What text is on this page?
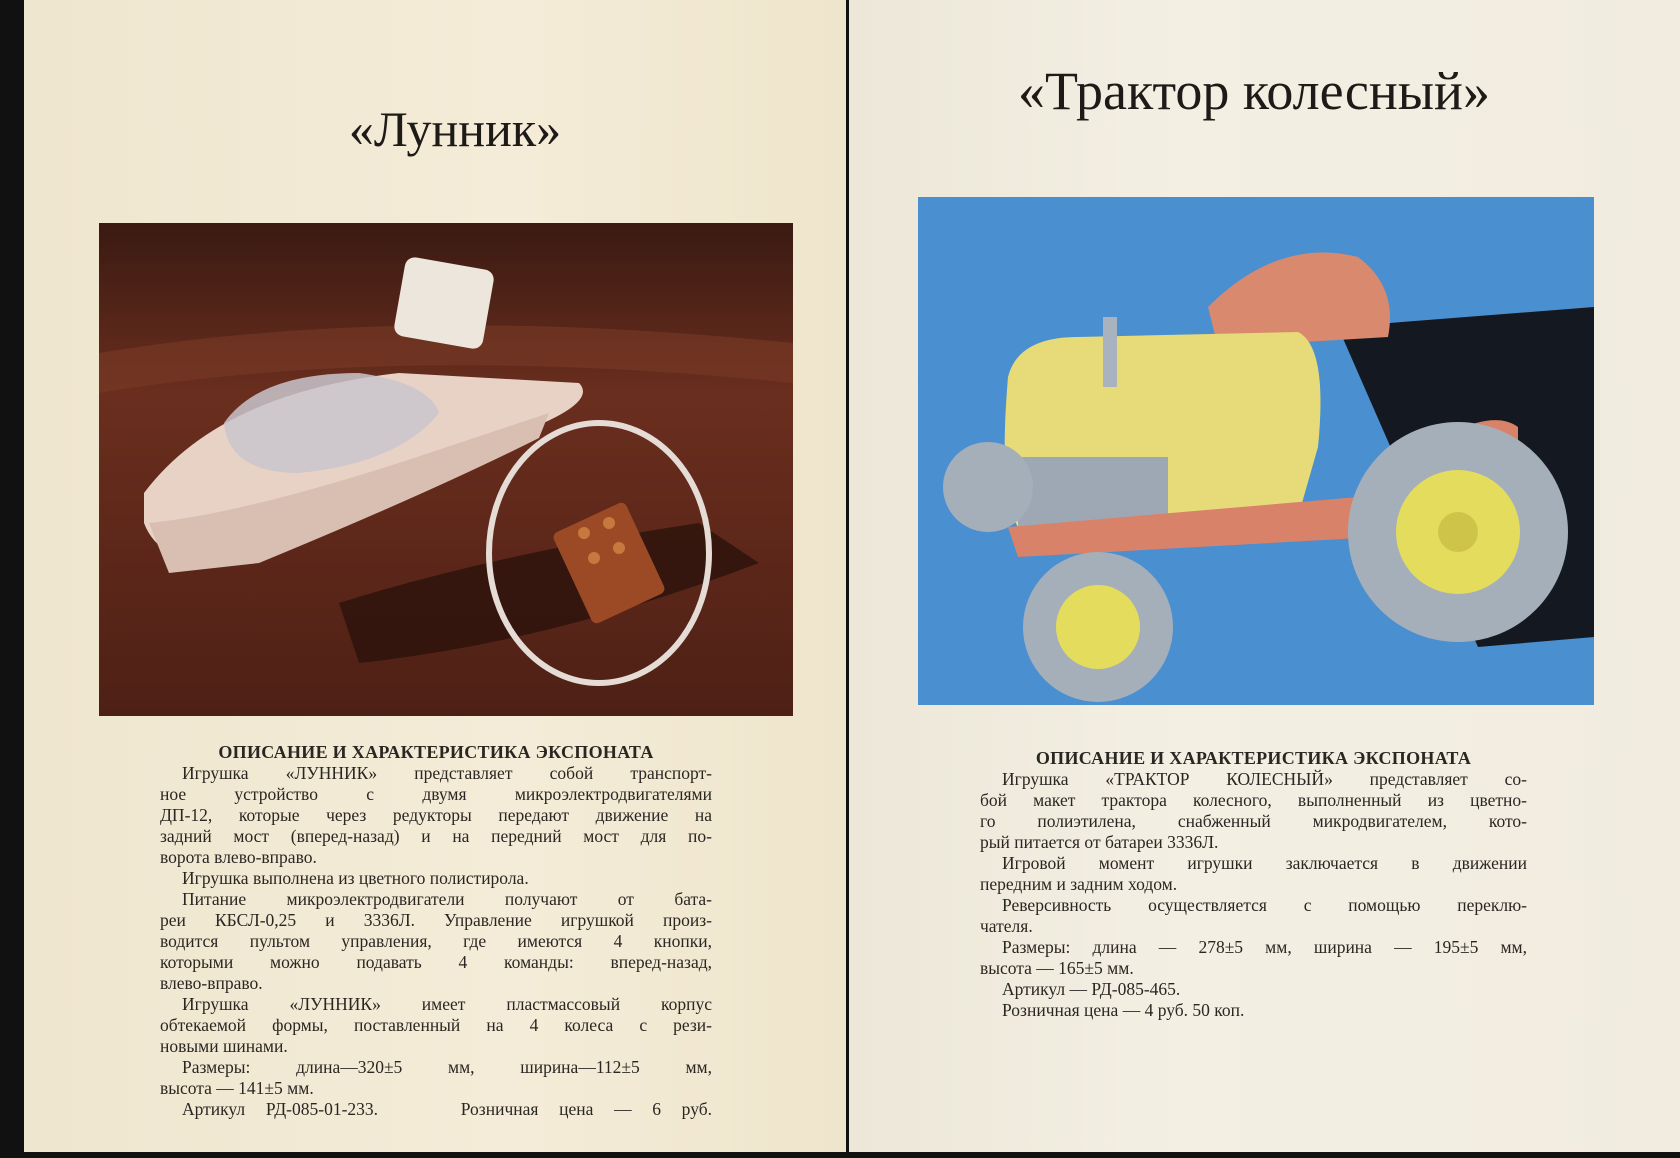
«Лунник»
ОПИСАНИЕ И ХАРАКТЕРИСТИКА ЭКСПОНАТА
Игрушка «ЛУННИК» представляет собой транспорт-
ное устройство с двумя микроэлектродвигателями
ДП-12, которые через редукторы передают движение на
задний мост (вперед-назад) и на передний мост для по-
ворота влево-вправо.
Игрушка выполнена из цветного полистирола.
Питание микроэлектродвигатели получают от бата-
реи КБСЛ-0,25 и 3336Л. Управление игрушкой произ-
водится пультом управления, где имеются 4 кнопки,
которыми можно подавать 4 команды: вперед-назад,
влево-вправо.
Игрушка «ЛУННИК» имеет пластмассовый корпус
обтекаемой формы, поставленный на 4 колеса с рези-
новыми шинами.
Размеры: длина—320±5 мм, ширина—112±5 мм,
высота — 141±5 мм.
Артикул РД-085-01-233.    Розничная цена — 6 руб.
«Трактор колесный»
ОПИСАНИЕ И ХАРАКТЕРИСТИКА ЭКСПОНАТА
Игрушка «ТРАКТОР КОЛЕСНЫЙ» представляет со-
бой макет трактора колесного, выполненный из цветно-
го полиэтилена, снабженный микродвигателем, кото-
рый питается от батареи 3336Л.
Игровой момент игрушки заключается в движении
передним и задним ходом.
Реверсивность осуществляется с помощью переклю-
чателя.
Размеры: длина — 278±5 мм, ширина — 195±5 мм,
высота — 165±5 мм.
Артикул — РД-085-465.
Розничная цена — 4 руб. 50 коп.
